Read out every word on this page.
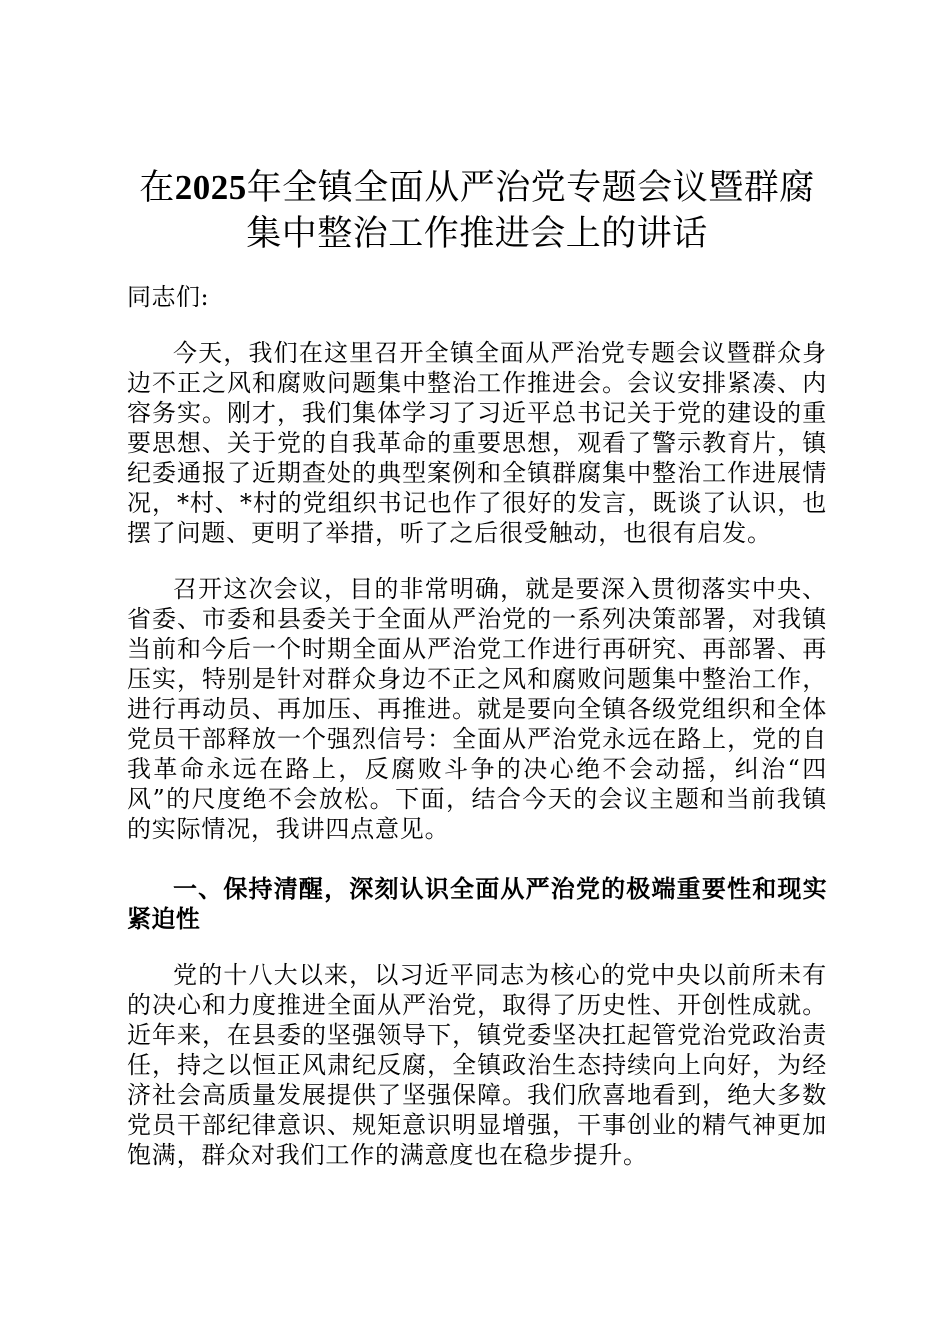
在2025年全镇全面从严治党专题会议暨群腐
集中整治工作推进会上的讲话

同志们:

今天，我们在这里召开全镇全面从严治党专题会议暨群众身边不正之风和腐败问题集中整治工作推进会。会议安排紧凑、内容务实。刚才，我们集体学习了习近平总书记关于党的建设的重要思想、关于党的自我革命的重要思想，观看了警示教育片，镇纪委通报了近期查处的典型案例和全镇群腐集中整治工作进展情况，*村、*村的党组织书记也作了很好的发言，既谈了认识，也摆了问题、更明了举措，听了之后很受触动，也很有启发。

召开这次会议，目的非常明确，就是要深入贯彻落实中央、省委、市委和县委关于全面从严治党的一系列决策部署，对我镇当前和今后一个时期全面从严治党工作进行再研究、再部署、再压实，特别是针对群众身边不正之风和腐败问题集中整治工作，进行再动员、再加压、再推进。就是要向全镇各级党组织和全体党员干部释放一个强烈信号：全面从严治党永远在路上，党的自我革命永远在路上，反腐败斗争的决心绝不会动摇，纠治“四风”的尺度绝不会放松。下面，结合今天的会议主题和当前我镇的实际情况，我讲四点意见。

一、保持清醒，深刻认识全面从严治党的极端重要性和现实紧迫性

党的十八大以来，以习近平同志为核心的党中央以前所未有的决心和力度推进全面从严治党，取得了历史性、开创性成就。近年来，在县委的坚强领导下，镇党委坚决扛起管党治党政治责任，持之以恒正风肃纪反腐，全镇政治生态持续向上向好，为经济社会高质量发展提供了坚强保障。我们欣喜地看到，绝大多数党员干部纪律意识、规矩意识明显增强，干事创业的精气神更加饱满，群众对我们工作的满意度也在稳步提升。
